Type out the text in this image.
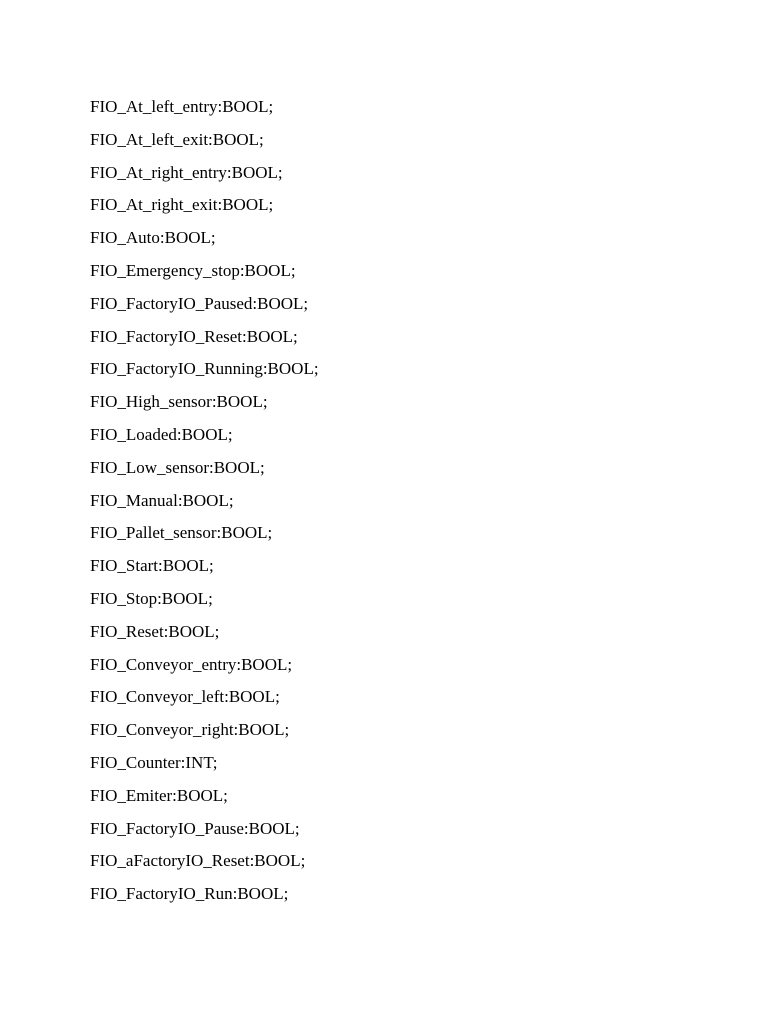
FIO_At_left_entry:BOOL;
FIO_At_left_exit:BOOL;
FIO_At_right_entry:BOOL;
FIO_At_right_exit:BOOL;
FIO_Auto:BOOL;
FIO_Emergency_stop:BOOL;
FIO_FactoryIO_Paused:BOOL;
FIO_FactoryIO_Reset:BOOL;
FIO_FactoryIO_Running:BOOL;
FIO_High_sensor:BOOL;
FIO_Loaded:BOOL;
FIO_Low_sensor:BOOL;
FIO_Manual:BOOL;
FIO_Pallet_sensor:BOOL;
FIO_Start:BOOL;
FIO_Stop:BOOL;
FIO_Reset:BOOL;
FIO_Conveyor_entry:BOOL;
FIO_Conveyor_left:BOOL;
FIO_Conveyor_right:BOOL;
FIO_Counter:INT;
FIO_Emiter:BOOL;
FIO_FactoryIO_Pause:BOOL;
FIO_aFactoryIO_Reset:BOOL;
FIO_FactoryIO_Run:BOOL;
